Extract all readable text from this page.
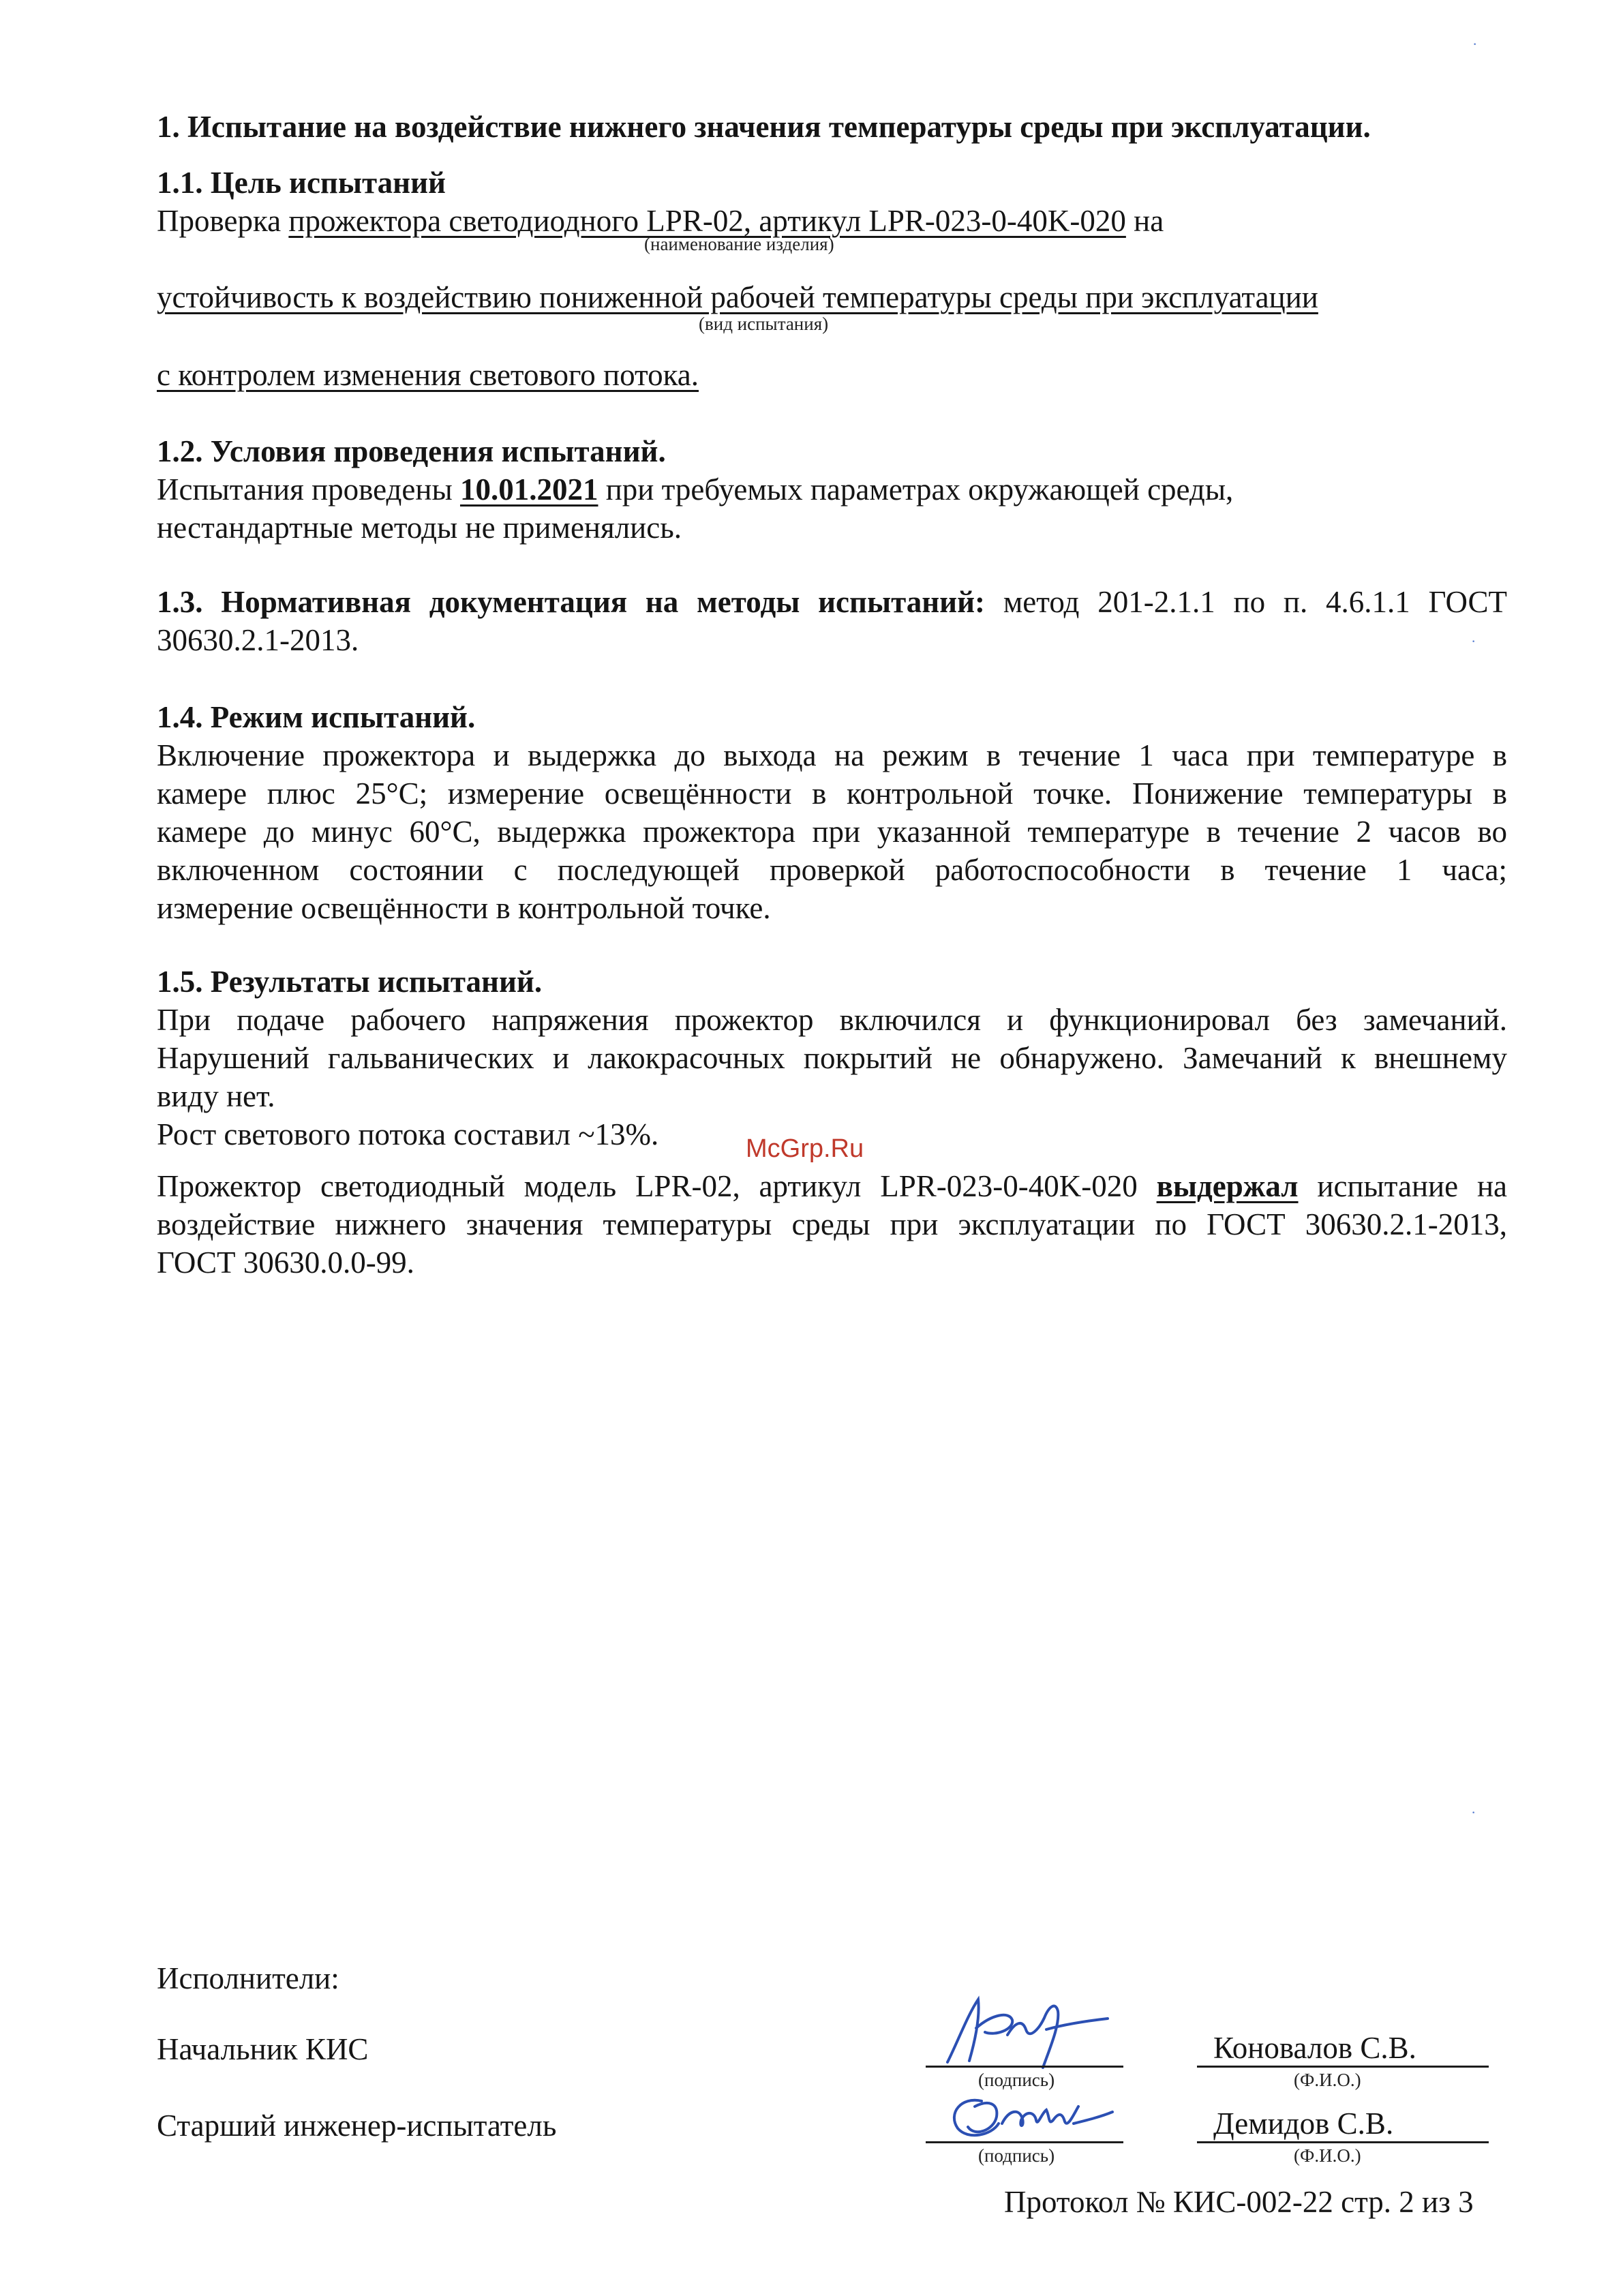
1. Испытание на воздействие нижнего значения температуры среды при эксплуатации.
1.1. Цель испытаний
Проверка прожектора светодиодного LPR-02, артикул LPR-023-0-40K-020 на
(наименование изделия)
устойчивость к воздействию пониженной рабочей температуры среды при эксплуатации
(вид испытания)
с контролем изменения светового потока.
1.2. Условия проведения испытаний.
Испытания проведены 10.01.2021 при требуемых параметрах окружающей среды,
нестандартные методы не применялись.
1.3. Нормативная документация на методы испытаний: метод 201-2.1.1 по п. 4.6.1.1 ГОСТ
30630.2.1-2013.
1.4. Режим испытаний.
Включение прожектора и выдержка до выхода на режим в течение 1 часа при температуре в
камере плюс 25°С; измерение освещённости в контрольной точке. Понижение температуры в
камере до минус 60°С, выдержка прожектора при указанной температуре в течение 2 часов во
включенном состоянии с последующей проверкой работоспособности в течение 1 часа;
измерение освещённости в контрольной точке.
1.5. Результаты испытаний.
При подаче рабочего напряжения прожектор включился и функционировал без замечаний.
Нарушений гальванических и лакокрасочных покрытий не обнаружено. Замечаний к внешнему
виду нет.
Рост светового потока составил ~13%.	McGrp.Ru
Прожектор светодиодный модель LPR-02, артикул LPR-023-0-40K-020 выдержал испытание на
воздействие нижнего значения температуры среды при эксплуатации по ГОСТ 30630.2.1-2013,
ГОСТ 30630.0.0-99.
Исполнители:
Начальник КИС
(подпись)
Коновалов С.В.
(Ф.И.О.)
Старший инженер-испытатель
(подпись)
Демидов С.В.
(Ф.И.О.)
Протокол № КИС-002-22 стр. 2 из 3
·
·
·
